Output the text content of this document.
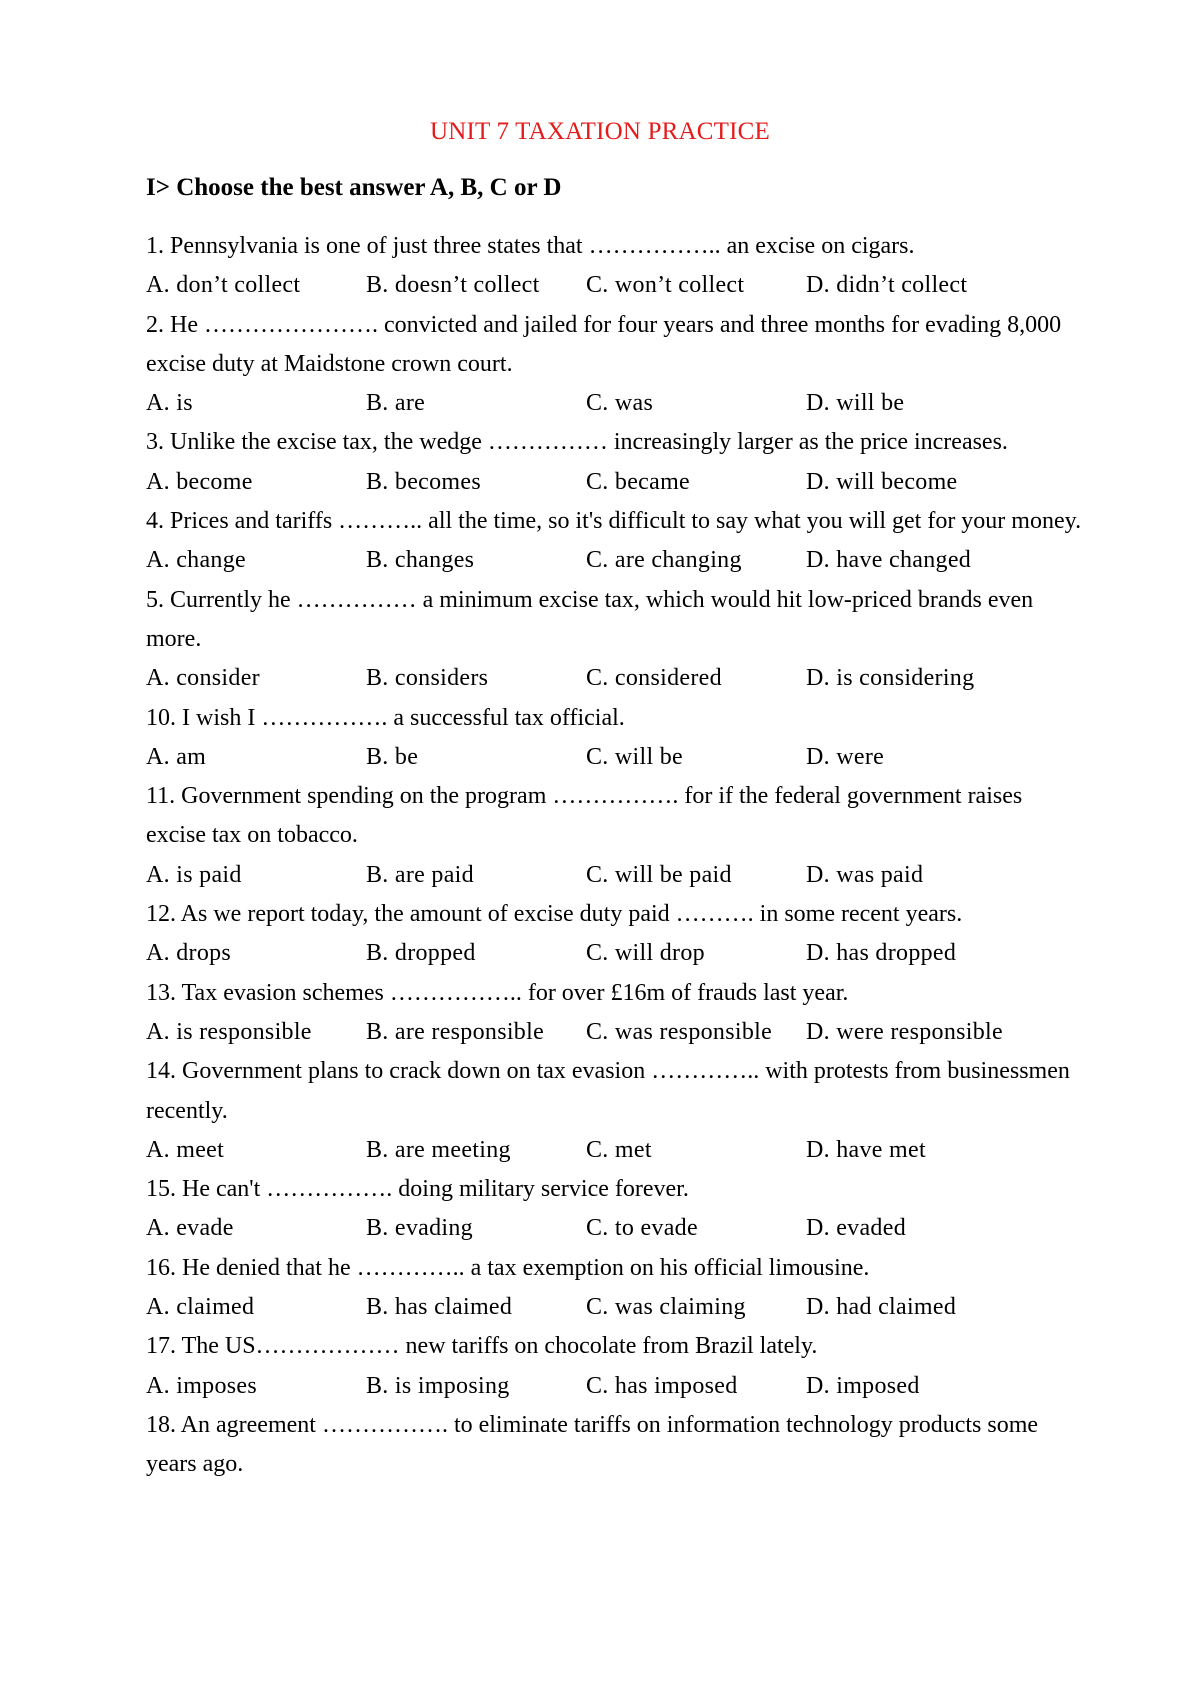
UNIT 7 TAXATION PRACTICE
I> Choose the best answer A, B, C or D

1. Pennsylvania is one of just three states that …………….. an excise on cigars.

A. don’t collect	B. doesn’t collect	C. won’t collect	D. didn’t collect

2. He …………………. convicted and jailed for four years and three months for evading 8,000 excise duty at Maidstone crown court.

A. is	B. are	C. was	D. will be

3. Unlike the excise tax, the wedge …………… increasingly larger as the price increases.

A. become	B. becomes	C. became	D. will become

4. Prices and tariffs ……….. all the time, so it's difficult to say what you will get for your money.

A. change	B. changes	C. are changing	D. have changed

5. Currently he …………… a minimum excise tax, which would hit low-priced brands even more.

A. consider	B. considers	C. considered	D. is considering

10. I wish I ……………. a successful tax official.

A. am	B. be	C. will be	D. were

11. Government spending on the program ……………. for if the federal government raises excise tax on tobacco.

A. is paid	B. are paid	C. will be paid	D. was paid

12. As we report today, the amount of excise duty paid ………. in some recent years.

A. drops	B. dropped	C. will drop	D. has dropped

13. Tax evasion schemes …………….. for over £16m of frauds last year.

A. is responsible	B. are responsible	C. was responsible	D. were responsible

14. Government plans to crack down on tax evasion ………….. with protests from businessmen recently.

A. meet	B. are meeting	C. met	D. have met

15. He can't ……………. doing military service forever.

A. evade	B. evading	C. to evade	D. evaded

16. He denied that he ………….. a tax exemption on his official limousine.

A. claimed	B. has claimed	C. was claiming	D. had claimed

17. The US……………… new tariffs on chocolate from Brazil lately.

A. imposes	B. is imposing	C. has imposed	D. imposed

18. An agreement ……………. to eliminate tariffs on information technology products some years ago.
